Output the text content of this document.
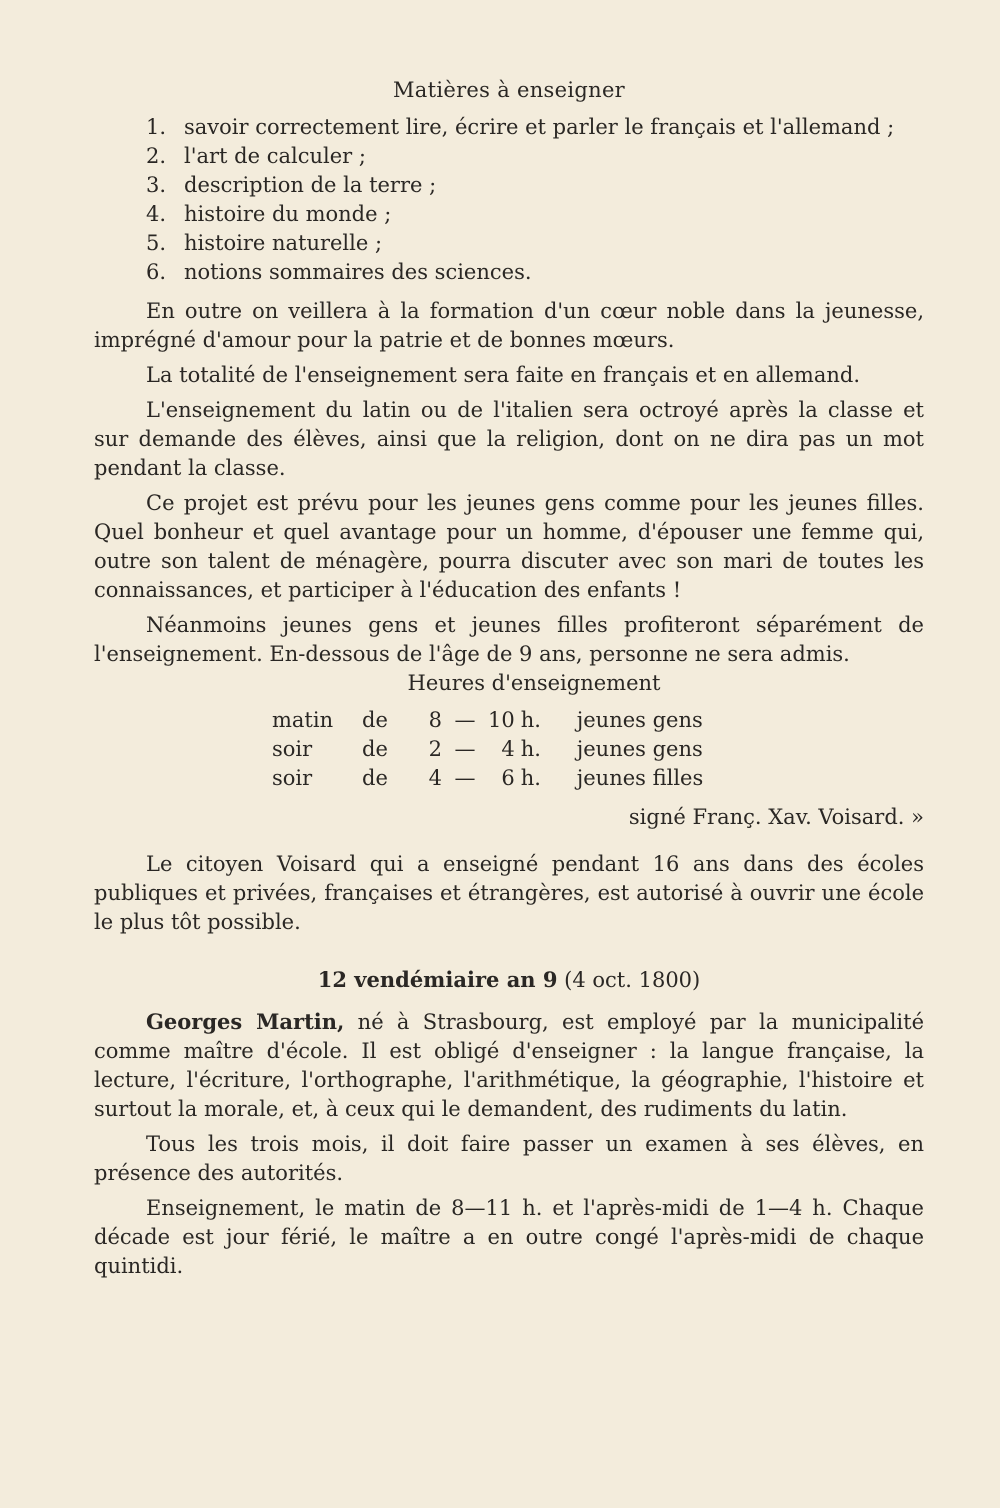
Matières à enseigner
1. savoir correctement lire, écrire et parler le français et l'allemand ;
2. l'art de calculer ;
3. description de la terre ;
4. histoire du monde ;
5. histoire naturelle ;
6. notions sommaires des sciences.

En outre on veillera à la formation d'un cœur noble dans la jeunesse, imprégné d'amour pour la patrie et de bonnes mœurs.

La totalité de l'enseignement sera faite en français et en allemand.

L'enseignement du latin ou de l'italien sera octroyé après la classe et sur demande des élèves, ainsi que la religion, dont on ne dira pas un mot pendant la classe.

Ce projet est prévu pour les jeunes gens comme pour les jeunes filles. Quel bonheur et quel avantage pour un homme, d'épouser une femme qui, outre son talent de ménagère, pourra discuter avec son mari de toutes les connaissances, et participer à l'éducation des enfants !

Néanmoins jeunes gens et jeunes filles profiteront séparément de l'enseignement. En-dessous de l'âge de 9 ans, personne ne sera admis.

Heures d'enseignement
matin	de	8	—	10	h.	jeunes gens
soir	de	2	—	4	h.	jeunes gens
soir	de	4	—	6	h.	jeunes filles
signé Franç. Xav. Voisard. »

Le citoyen Voisard qui a enseigné pendant 16 ans dans des écoles publiques et privées, françaises et étrangères, est autorisé à ouvrir une école le plus tôt possible.

12 vendémiaire an 9 (4 oct. 1800)

Georges Martin, né à Strasbourg, est employé par la municipalité comme maître d'école. Il est obligé d'enseigner : la langue française, la lecture, l'écriture, l'orthographe, l'arithmétique, la géographie, l'histoire et surtout la morale, et, à ceux qui le demandent, des rudiments du latin.

Tous les trois mois, il doit faire passer un examen à ses élèves, en présence des autorités.

Enseignement, le matin de 8—11 h. et l'après-midi de 1—4 h. Chaque décade est jour férié, le maître a en outre congé l'après-midi de chaque quintidi.
